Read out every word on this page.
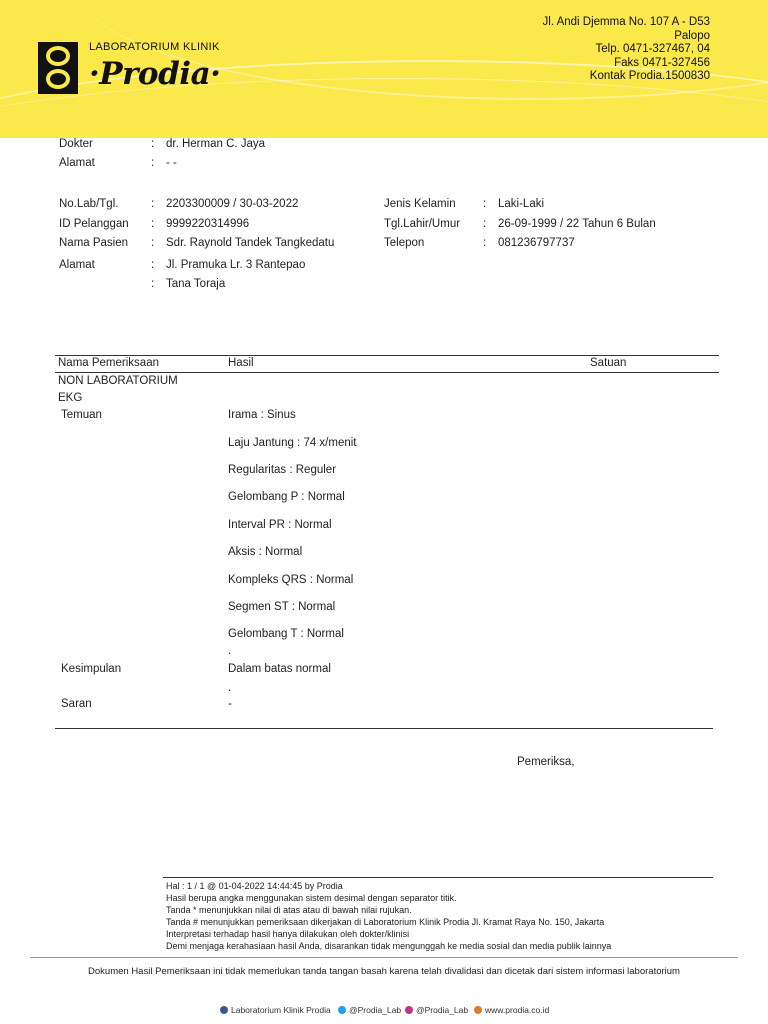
LABORATORIUM KLINIK
·Prodia·
Jl. Andi Djemma No. 107 A - D53
Palopo
Telp. 0471-327467, 04
Faks 0471-327456
Kontak Prodia.1500830
Dokter	: dr. Herman C. Jaya
Alamat	: - -
No.Lab/Tgl.	: 2203300009 / 30-03-2022
ID Pelanggan : 9999220314996
Nama Pasien : Sdr. Raynold Tandek Tangkedatu
Alamat	: Jl. Pramuka Lr. 3 Rantepao
: Tana Toraja
Jenis Kelamin : Laki-Laki
Tgl.Lahir/Umur : 26-09-1999 / 22 Tahun 6 Bulan
Telepon	: 081236797737
Nama Pemeriksaan	Hasil	Satuan
NON LABORATORIUM
EKG
Temuan	Irama : Sinus
Laju Jantung : 74 x/menit
Regularitas : Reguler
Gelombang P : Normal
Interval PR : Normal
Aksis : Normal
Kompleks QRS : Normal
Segmen ST : Normal
Gelombang T : Normal
.
Kesimpulan	Dalam batas normal
.
Saran	-
Pemeriksa,
Hal : 1 / 1 @ 01-04-2022 14:44:45 by Prodia
Hasil berupa angka menggunakan sistem desimal dengan separator titik.
Tanda * menunjukkan nilai di atas atau di bawah nilai rujukan.
Tanda # menunjukkan pemeriksaan dikerjakan di Laboratorium Klinik Prodia Jl. Kramat Raya No. 150, Jakarta
Interpretasi terhadap hasil hanya dilakukan oleh dokter/klinisi
Demi menjaga kerahasiaan hasil Anda, disarankan tidak mengunggah ke media sosial dan media publik lainnya
Dokumen Hasil Pemeriksaan ini tidak memerlukan tanda tangan basah karena telah divalidasi dan dicetak dari sistem informasi laboratorium
Laboratorium Klinik Prodia @Prodia_Lab @Prodia_Lab www.prodia.co.id
